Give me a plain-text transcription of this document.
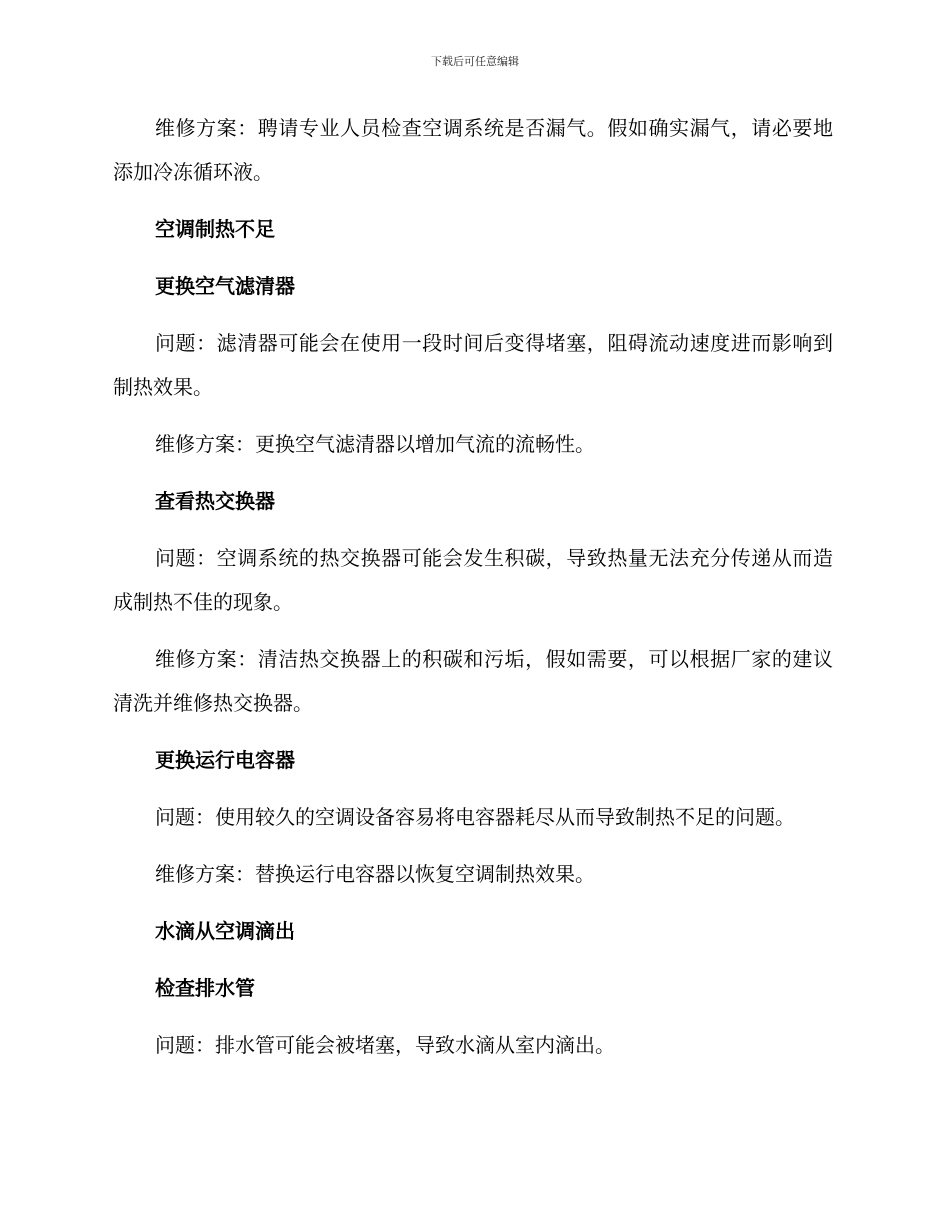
下载后可任意编辑

维修方案：聘请专业人员检查空调系统是否漏气。假如确实漏气，请必要地添加冷冻循环液。

空调制热不足

更换空气滤清器

问题：滤清器可能会在使用一段时间后变得堵塞，阻碍流动速度进而影响到制热效果。

维修方案：更换空气滤清器以增加气流的流畅性。

查看热交换器

问题：空调系统的热交换器可能会发生积碳，导致热量无法充分传递从而造成制热不佳的现象。

维修方案：清洁热交换器上的积碳和污垢，假如需要，可以根据厂家的建议清洗并维修热交换器。

更换运行电容器

问题：使用较久的空调设备容易将电容器耗尽从而导致制热不足的问题。

维修方案：替换运行电容器以恢复空调制热效果。

水滴从空调滴出

检查排水管

问题：排水管可能会被堵塞，导致水滴从室内滴出。
